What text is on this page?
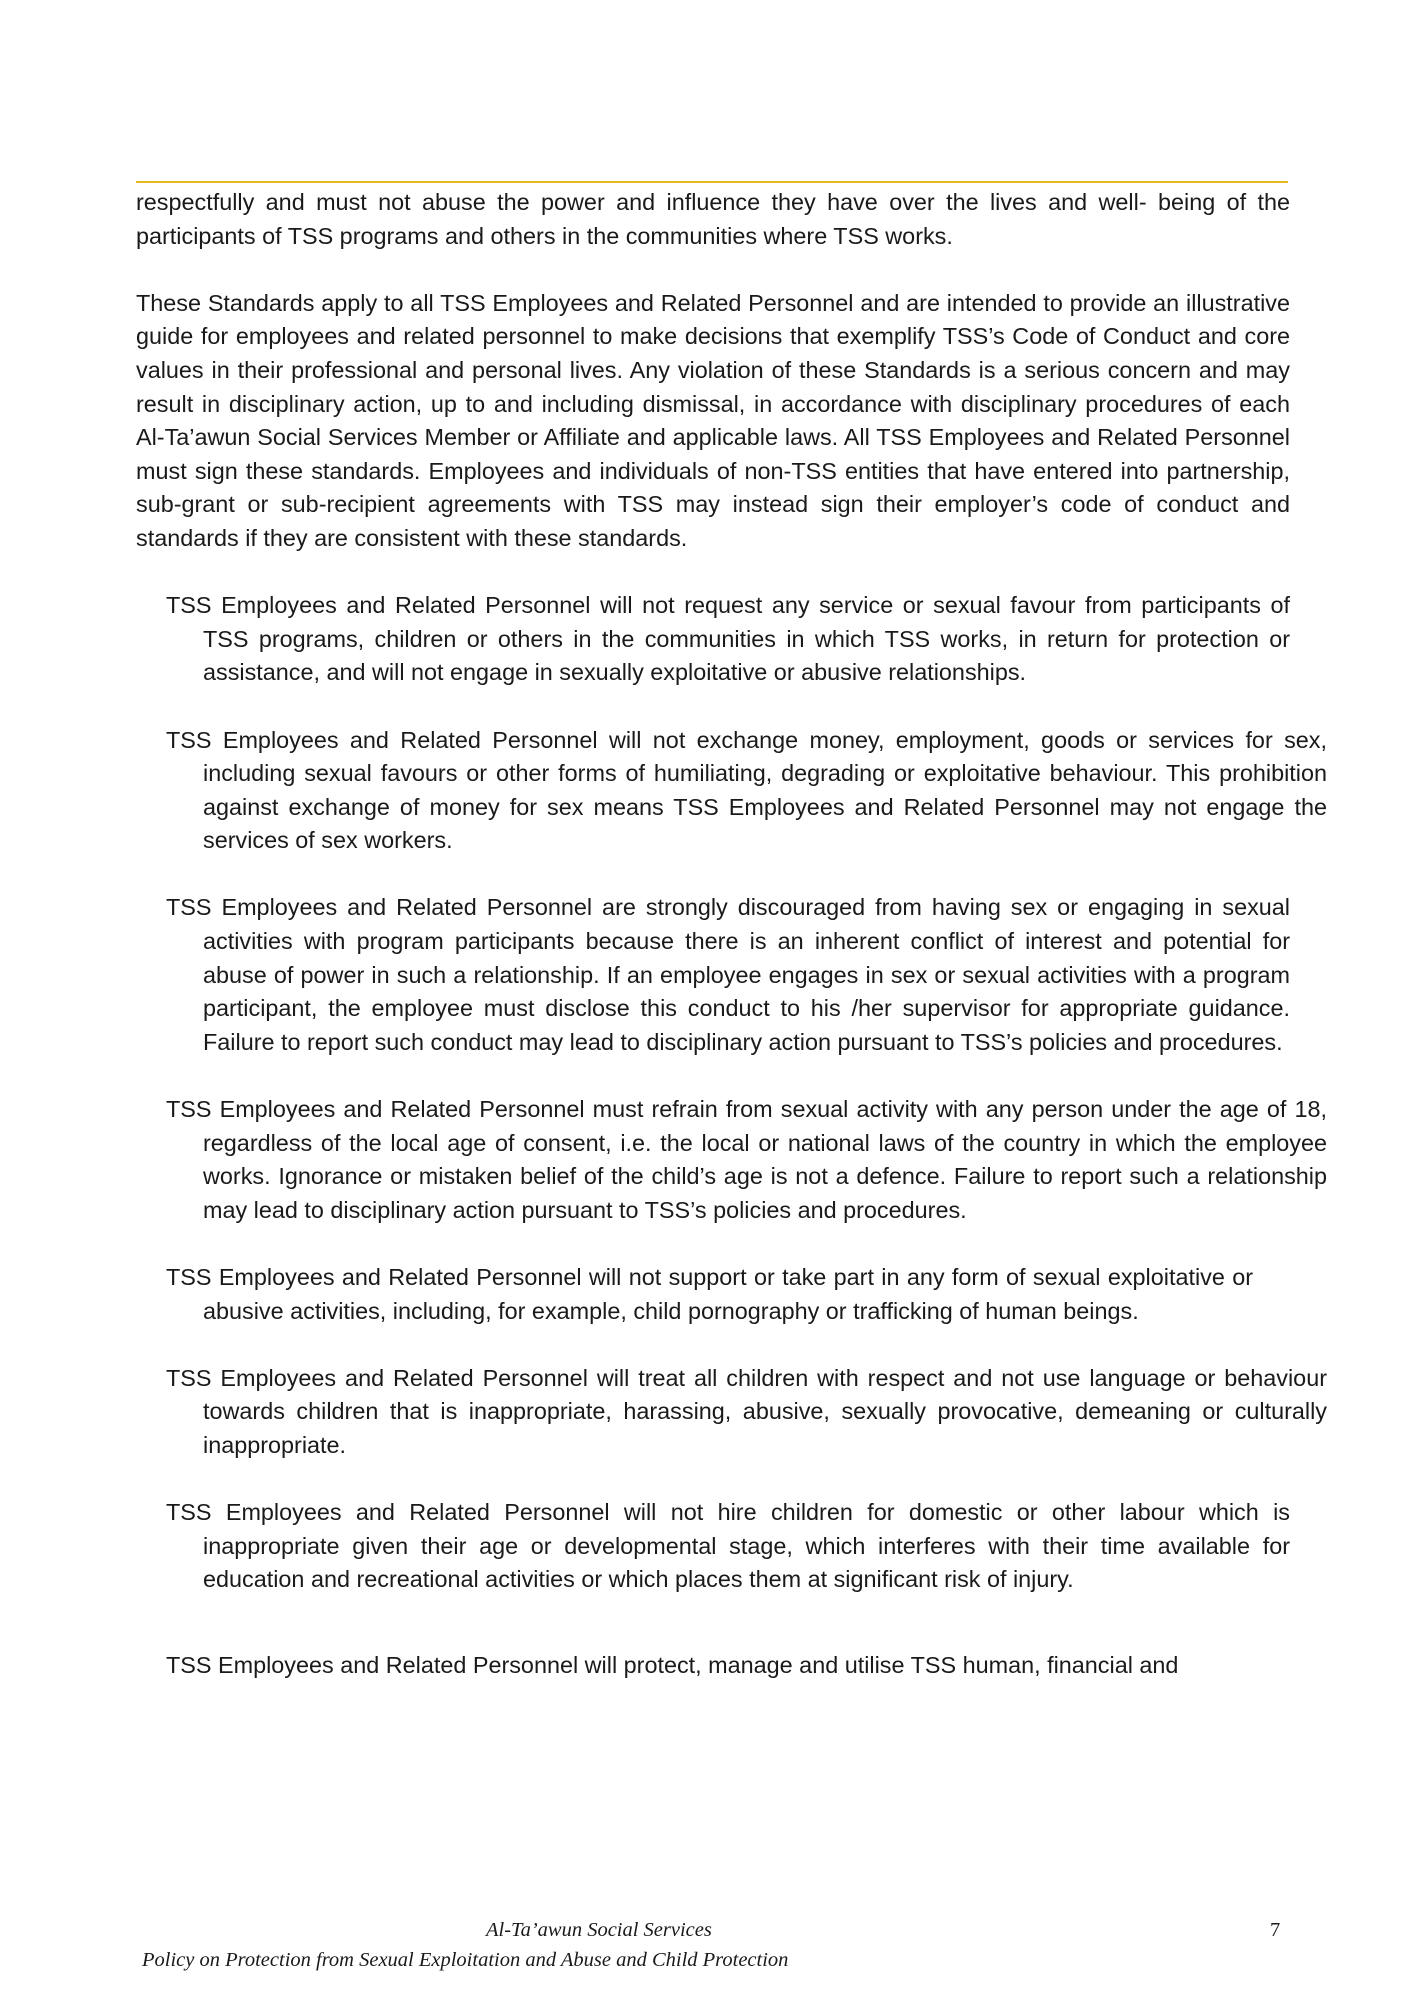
respectfully and must not abuse the power and influence they have over the lives and well- being of the participants of TSS programs and others in the communities where TSS works.

These Standards apply to all TSS Employees and Related Personnel and are intended to provide an illustrative guide for employees and related personnel to make decisions that exemplify TSS’s Code of Conduct and core values in their professional and personal lives. Any violation of these Standards is a serious concern and may result in disciplinary action, up to and including dismissal, in accordance with disciplinary procedures of each Al-Ta’awun Social Services Member or Affiliate and applicable laws. All TSS Employees and Related Personnel must sign these standards. Employees and individuals of non-TSS entities that have entered into partnership, sub-grant or sub-recipient agreements with TSS may instead sign their employer’s code of conduct and standards if they are consistent with these standards.

TSS Employees and Related Personnel will not request any service or sexual favour from participants of TSS programs, children or others in the communities in which TSS works, in return for protection or assistance, and will not engage in sexually exploitative or abusive relationships.

TSS Employees and Related Personnel will not exchange money, employment, goods or services for sex, including sexual favours or other forms of humiliating, degrading or exploitative behaviour. This prohibition against exchange of money for sex means TSS Employees and Related Personnel may not engage the services of sex workers.

TSS Employees and Related Personnel are strongly discouraged from having sex or engaging in sexual activities with program participants because there is an inherent conflict of interest and potential for abuse of power in such a relationship. If an employee engages in sex or sexual activities with a program participant, the employee must disclose this conduct to his /her supervisor for appropriate guidance. Failure to report such conduct may lead to disciplinary action pursuant to TSS’s policies and procedures.

TSS Employees and Related Personnel must refrain from sexual activity with any person under the age of 18, regardless of the local age of consent, i.e. the local or national laws of the country in which the employee works. Ignorance or mistaken belief of the child’s age is not a defence. Failure to report such a relationship may lead to disciplinary action pursuant to TSS’s policies and procedures.

TSS Employees and Related Personnel will not support or take part in any form of sexual exploitative or abusive activities, including, for example, child pornography or trafficking of human beings.

TSS Employees and Related Personnel will treat all children with respect and not use language or behaviour towards children that is inappropriate, harassing, abusive, sexually provocative, demeaning or culturally inappropriate.

TSS Employees and Related Personnel will not hire children for domestic or other labour which is inappropriate given their age or developmental stage, which interferes with their time available for education and recreational activities or which places them at significant risk of injury.

TSS Employees and Related Personnel will protect, manage and utilise TSS human, financial and

Al-Ta’awun Social Services	7
Policy on Protection from Sexual Exploitation and Abuse and Child Protection
